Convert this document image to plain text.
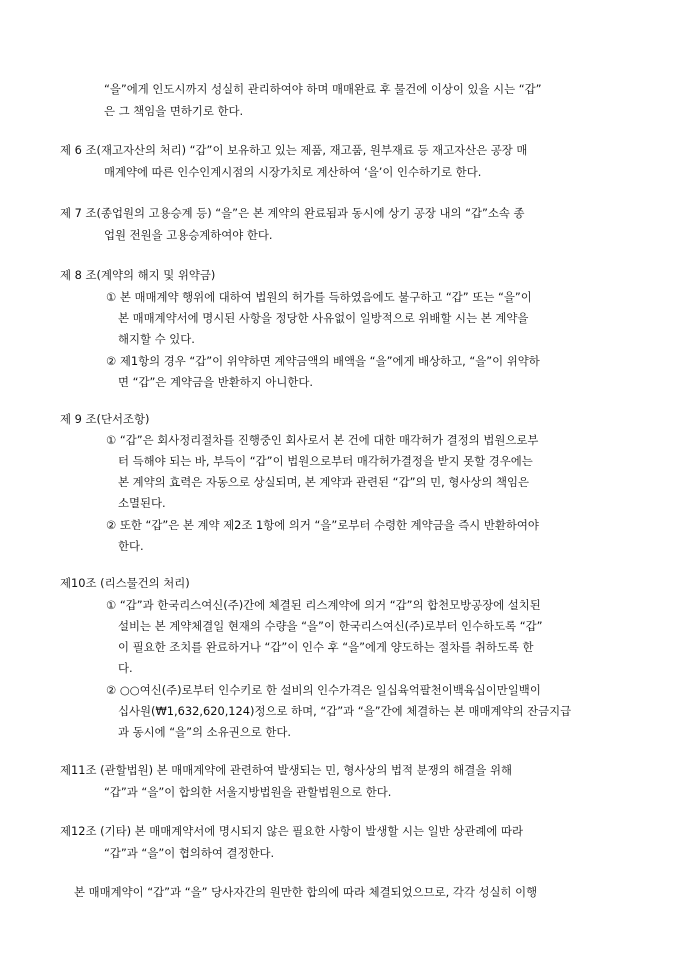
“을”에게 인도시까지 성실히 관리하여야 하며 매매완료 후 물건에 이상이 있을 시는 “갑”
은 그 책임을 면하기로 한다.
제 6 조(재고자산의 처리) “갑”이 보유하고 있는 제품, 재고품, 원부재료 등 재고자산은 공장 매
매계약에 따른 인수인계시점의 시장가치로 계산하여 ‘을’이 인수하기로 한다.
제 7 조(종업원의 고용승계 등) “을”은 본 계약의 완료됨과 동시에 상기 공장 내의 “갑”소속 종
업원 전원을 고용승계하여야 한다.
제 8 조(계약의 해지 및 위약금)
① 본 매매계약 행위에 대하여 법원의 허가를 득하였음에도 불구하고 “갑” 또는 “을”이
본 매매계약서에 명시된 사항을 정당한 사유없이 일방적으로 위배할 시는 본 계약을
해지할 수 있다.
② 제1항의 경우 “갑”이 위약하면 계약금액의 배액을 “을”에게 배상하고, “을”이 위약하
면 “갑”은 계약금을 반환하지 아니한다.
제 9 조(단서조항)
① “갑”은 회사정리절차를 진행중인 회사로서 본 건에 대한 매각허가 결정의 법원으로부
터 득해야 되는 바, 부득이 “갑”이 법원으로부터 매각허가결정을 받지 못할 경우에는
본 계약의 효력은 자동으로 상실되며, 본 계약과 관련된 “갑”의 민, 형사상의 책임은
소멸된다.
② 또한 “갑”은 본 계약 제2조 1항에 의거 “을”로부터 수령한 계약금을 즉시 반환하여야
한다.
제10조 (리스물건의 처리)
① “갑”과 한국리스여신(주)간에 체결된 리스계약에 의거 “갑”의 합천모방공장에 설치된
설비는 본 계약체결일 현재의 수량을 “을”이 한국리스여신(주)로부터 인수하도록 “갑”
이 필요한 조치를 완료하거나 “갑”이 인수 후 “을”에게 양도하는 절차를 취하도록 한
다.
② ○○여신(주)로부터 인수키로 한 설비의 인수가격은 일십육억팔천이백육십이만일백이
십사원(₩1,632,620,124)정으로 하며, “갑”과 “을”간에 체결하는 본 매매계약의 잔금지급
과 동시에 “을”의 소유권으로 한다.
제11조 (관할법원) 본 매매계약에 관련하여 발생되는 민, 형사상의 법적 분쟁의 해결을 위해
“갑”과 “을”이 합의한 서울지방법원을 관할법원으로 한다.
제12조 (기타) 본 매매계약서에 명시되지 않은 필요한 사항이 발생할 시는 일반 상관례에 따라
“갑”과 “을”이 협의하여 결정한다.
본 매매계약이 “갑”과 “을” 당사자간의 원만한 합의에 따라 체결되었으므로, 각각 성실히 이행
